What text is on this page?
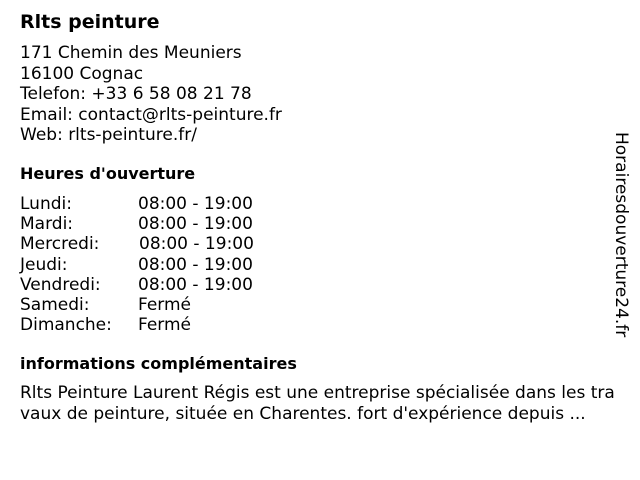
Rlts peinture
171 Chemin des Meuniers
16100 Cognac
Telefon: +33 6 58 08 21 78
Email: contact@rlts-peinture.fr
Web: rlts-peinture.fr/
Heures d'ouverture
Lundi:	08:00 - 19:00
Mardi:	08:00 - 19:00
Mercredi: 08:00 - 19:00
Jeudi:	08:00 - 19:00
Vendredi: 08:00 - 19:00
Samedi:	Fermé
Dimanche: Fermé
informations complémentaires
Rlts Peinture Laurent Régis est une entreprise spécialisée dans les travaux de peinture, située en Charentes. fort d'expérience depuis ...
Horairesdouverture24.fr
